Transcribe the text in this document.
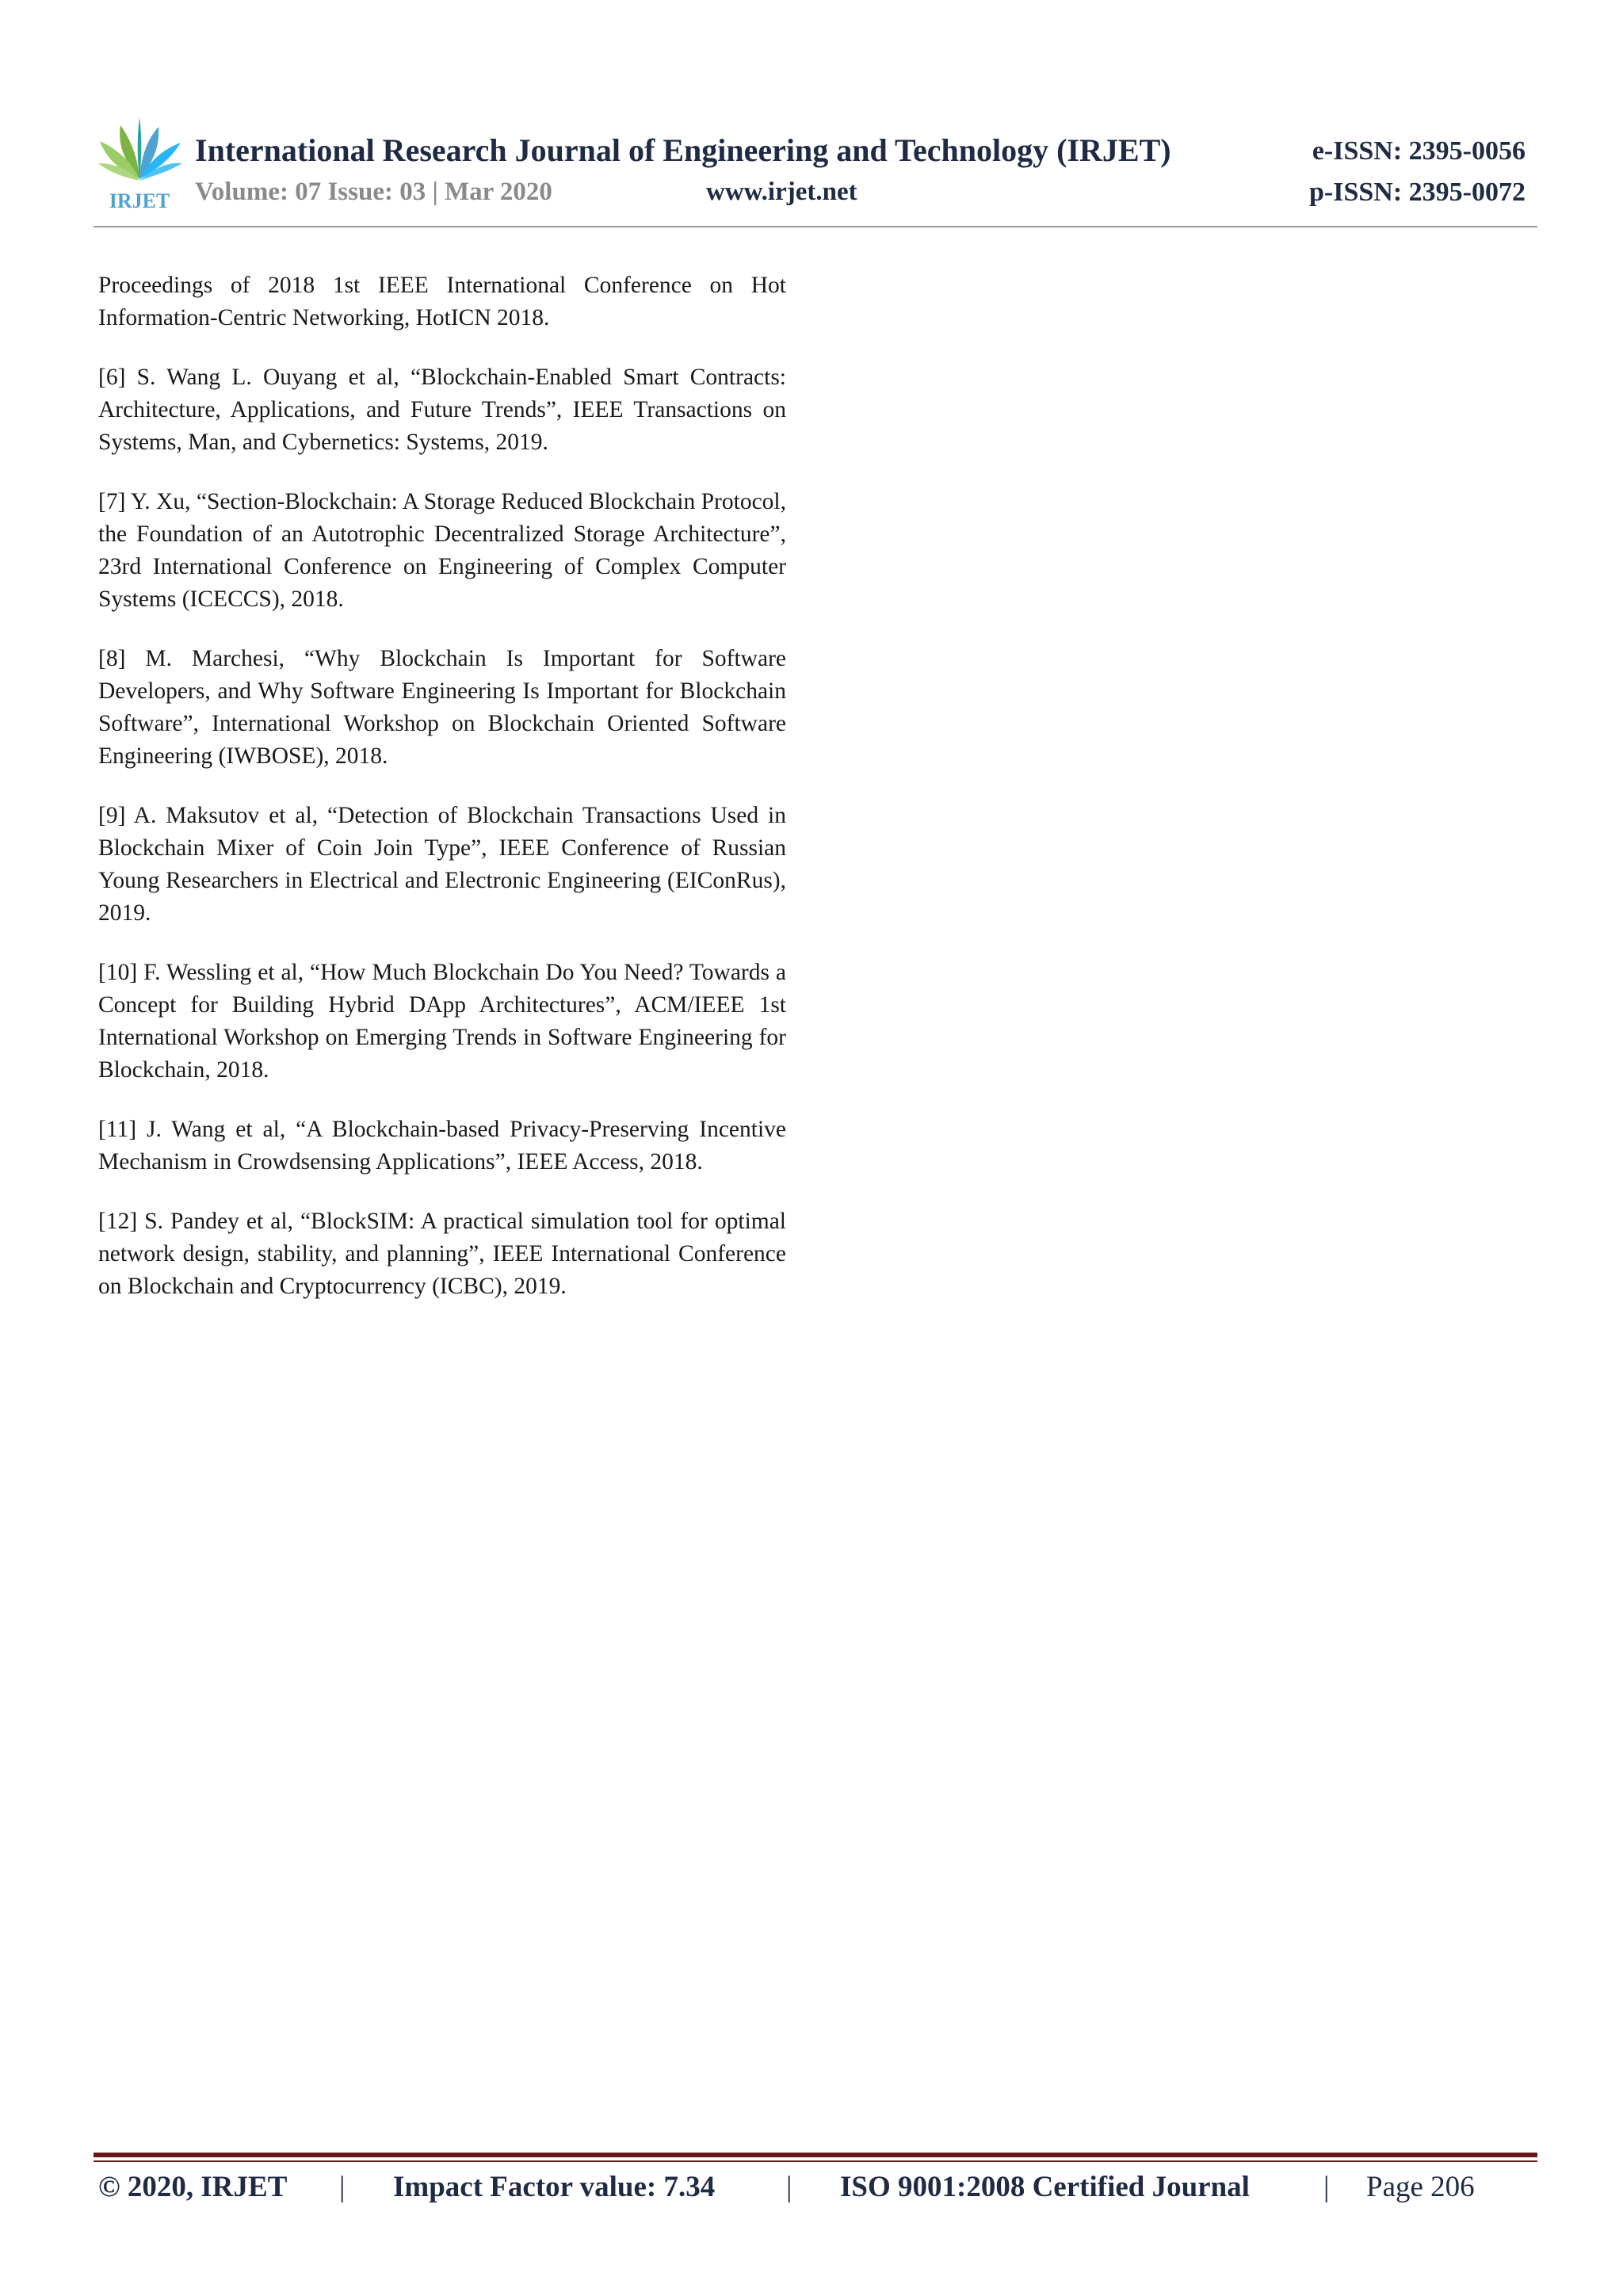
IRJET
International Research Journal of Engineering and Technology (IRJET)	e-ISSN: 2395-0056
Volume: 07 Issue: 03 | Mar 2020	www.irjet.net	p-ISSN: 2395-0072

Proceedings of 2018 1st IEEE International Conference on Hot Information-Centric Networking, HotICN 2018.

[6] S. Wang L. Ouyang et al, “Blockchain-Enabled Smart Contracts: Architecture, Applications, and Future Trends”, IEEE Transactions on Systems, Man, and Cybernetics: Systems, 2019.

[7] Y. Xu, “Section-Blockchain: A Storage Reduced Blockchain Protocol, the Foundation of an Autotrophic Decentralized Storage Architecture”, 23rd International Conference on Engineering of Complex Computer Systems (ICECCS), 2018.

[8] M. Marchesi, “Why Blockchain Is Important for Software Developers, and Why Software Engineering Is Important for Blockchain Software”, International Workshop on Blockchain Oriented Software Engineering (IWBOSE), 2018.

[9] A. Maksutov et al, “Detection of Blockchain Transactions Used in Blockchain Mixer of Coin Join Type”, IEEE Conference of Russian Young Researchers in Electrical and Electronic Engineering (EIConRus), 2019.

[10] F. Wessling et al, “How Much Blockchain Do You Need? Towards a Concept for Building Hybrid DApp Architectures”, ACM/IEEE 1st International Workshop on Emerging Trends in Software Engineering for Blockchain, 2018.

[11] J. Wang et al, “A Blockchain-based Privacy-Preserving Incentive Mechanism in Crowdsensing Applications”, IEEE Access, 2018.

[12] S. Pandey et al, “BlockSIM: A practical simulation tool for optimal network design, stability, and planning”, IEEE International Conference on Blockchain and Cryptocurrency (ICBC), 2019.

© 2020, IRJET | Impact Factor value: 7.34 | ISO 9001:2008 Certified Journal	| Page 206
